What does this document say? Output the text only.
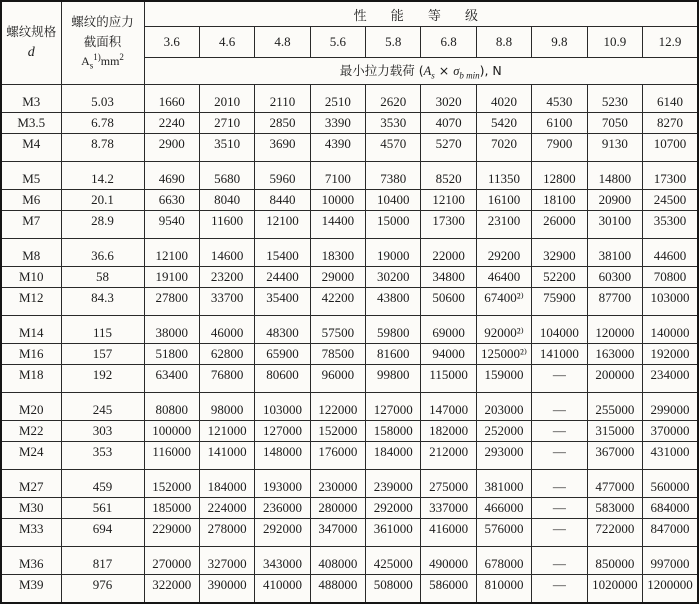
螺纹规格
d	螺纹的应力
截面积
$A_s^{1)}mm^2$	性 能 等 级									
		3.6	4.6	4.8	5.6	5.8	6.8	8.8	9.8	10.9	12.9
		最小拉力载荷 $(A_s \times \sigma_{b min})$, N									
M3	5.03	1660	2010	2110	2510	2620	3020	4020	4530	5230	6140
M3.5	6.78	2240	2710	2850	3390	3530	4070	5420	6100	7050	8270
M4	8.78	2900	3510	3690	4390	4570	5270	7020	7900	9130	10700
M5	14.2	4690	5680	5960	7100	7380	8520	11350	12800	14800	17300
M6	20.1	6630	8040	8440	10000	10400	12100	16100	18100	20900	24500
M7	28.9	9540	11600	12100	14400	15000	17300	23100	26000	30100	35300
M8	36.6	12100	14600	15400	18300	19000	22000	29200	32900	38100	44600
M10	58	19100	23200	24400	29000	30200	34800	46400	52200	60300	70800
M12	84.3	27800	33700	35400	42200	43800	50600	67400²⁾	75900	87700	103000
M14	115	38000	46000	48300	57500	59800	69000	92000²⁾	104000	120000	140000
M16	157	51800	62800	65900	78500	81600	94000	125000²⁾	141000	163000	192000
M18	192	63400	76800	80600	96000	99800	115000	159000	—	200000	234000
M20	245	80800	98000	103000	122000	127000	147000	203000	—	255000	299000
M22	303	100000	121000	127000	152000	158000	182000	252000	—	315000	370000
M24	353	116000	141000	148000	176000	184000	212000	293000	—	367000	431000
M27	459	152000	184000	193000	230000	239000	275000	381000	—	477000	560000
M30	561	185000	224000	236000	280000	292000	337000	466000	—	583000	684000
M33	694	229000	278000	292000	347000	361000	416000	576000	—	722000	847000
M36	817	270000	327000	343000	408000	425000	490000	678000	—	850000	997000
M39	976	322000	390000	410000	488000	508000	586000	810000	—	1020000	1200000
